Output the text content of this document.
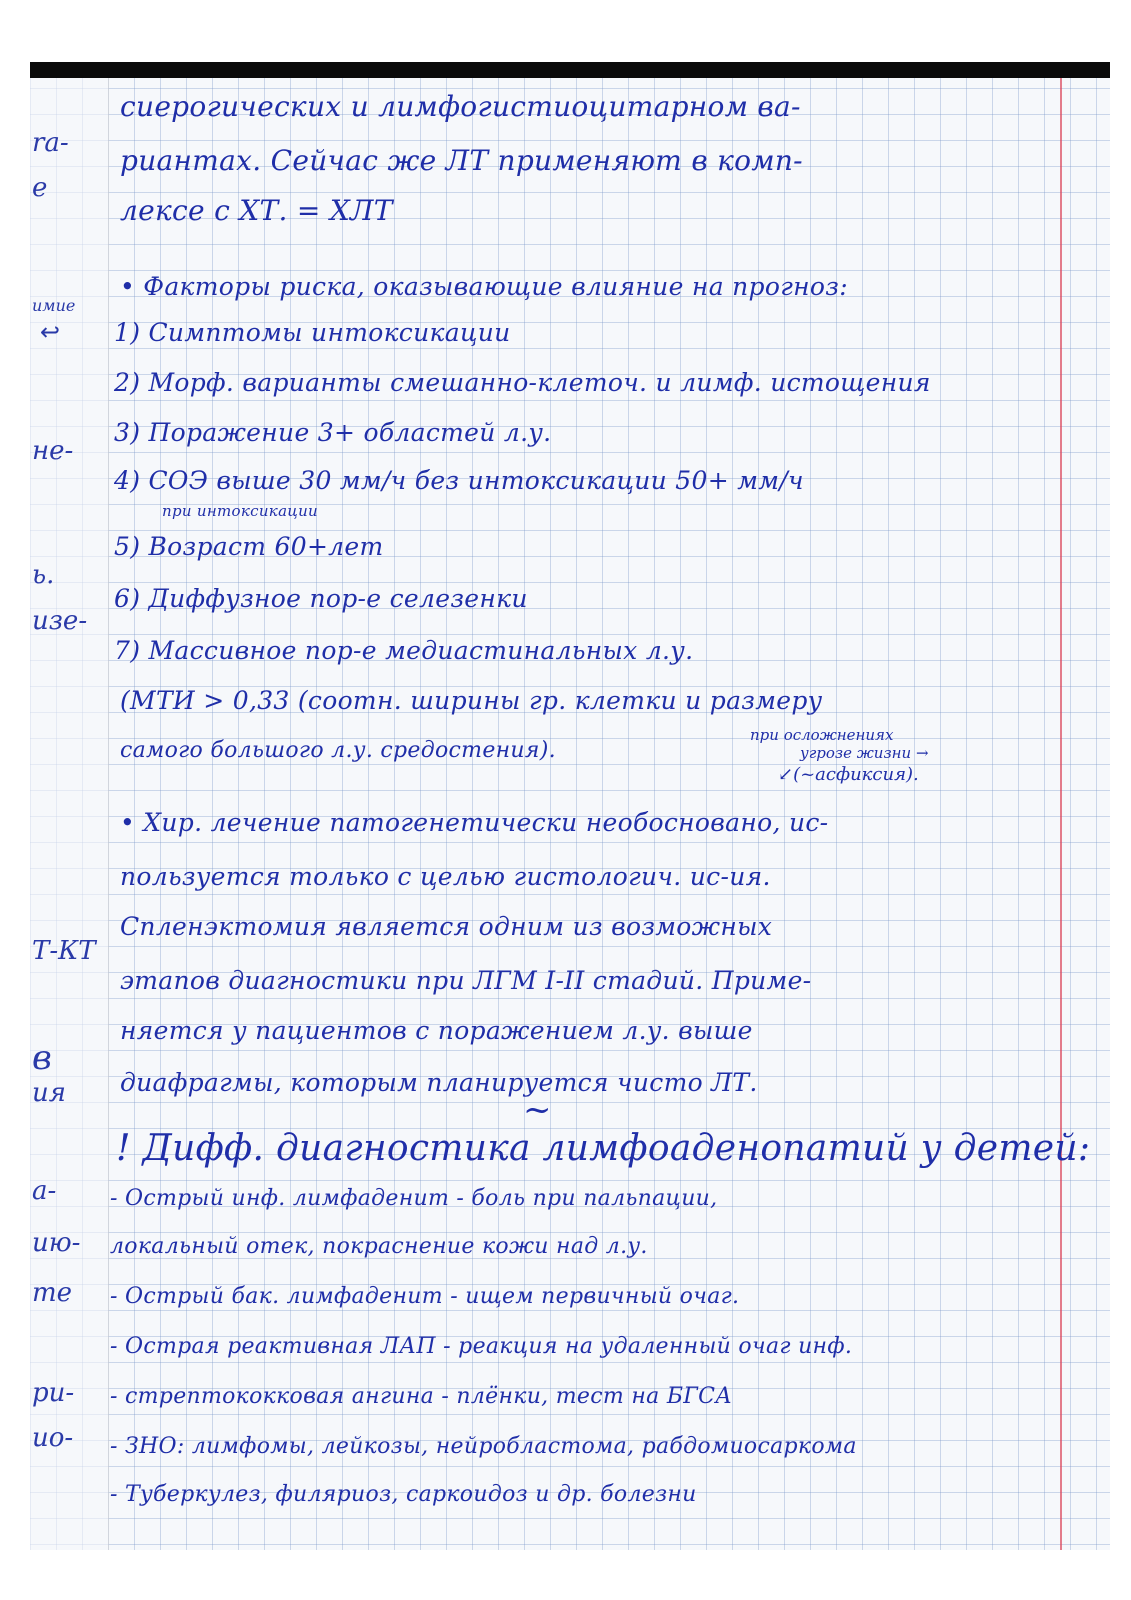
ra-
e
имие
↩
не-
ь.
изе-
Т-КТ
в
ия
а-
ию-
те
ри-
ио-
сиерогических и лимфогистиоцитарном ва-
риантах. Сейчас же ЛТ применяют в комп-
лексе с ХТ. = ХЛТ
• Факторы риска, оказывающие влияние на прогноз:
1) Симптомы интоксикации
2) Морф. варианты смешанно-клеточ. и лимф. истощения
3) Поражение 3+ областей л.у.
4) СОЭ выше 30 мм/ч без интоксикации 50+ мм/ч
при интоксикации
5) Возраст 60+лет
6) Диффузное пор-е селезенки
7) Массивное пор-е медиастинальных л.у.
(МТИ > 0,33 (соотн. ширины гр. клетки и размеру
самого большого л.у. средостения).
при осложнениях
угрозе жизни →
↙(~асфиксия).
• Хир. лечение патогенетически необосновано, ис-
пользуется только с целью гистологич. ис-ия.
Спленэктомия является одним из возможных
этапов диагностики при ЛГМ I-II стадий. Приме-
няется у пациентов с поражением л.у. выше
диафрагмы, которым планируется чисто ЛТ.
~
! Дифф. диагностика лимфоаденопатий у детей:
- Острый инф. лимфаденит - боль при пальпации,
локальный отек, покраснение кожи над л.у.
- Острый бак. лимфаденит - ищем первичный очаг.
- Острая реактивная ЛАП - реакция на удаленный очаг инф.
- стрептококковая ангина - плёнки, тест на БГСА
- ЗНО: лимфомы, лейкозы, нейробластома, рабдомиосаркома
- Туберкулез, филяриоз, саркоидоз и др. болезни
